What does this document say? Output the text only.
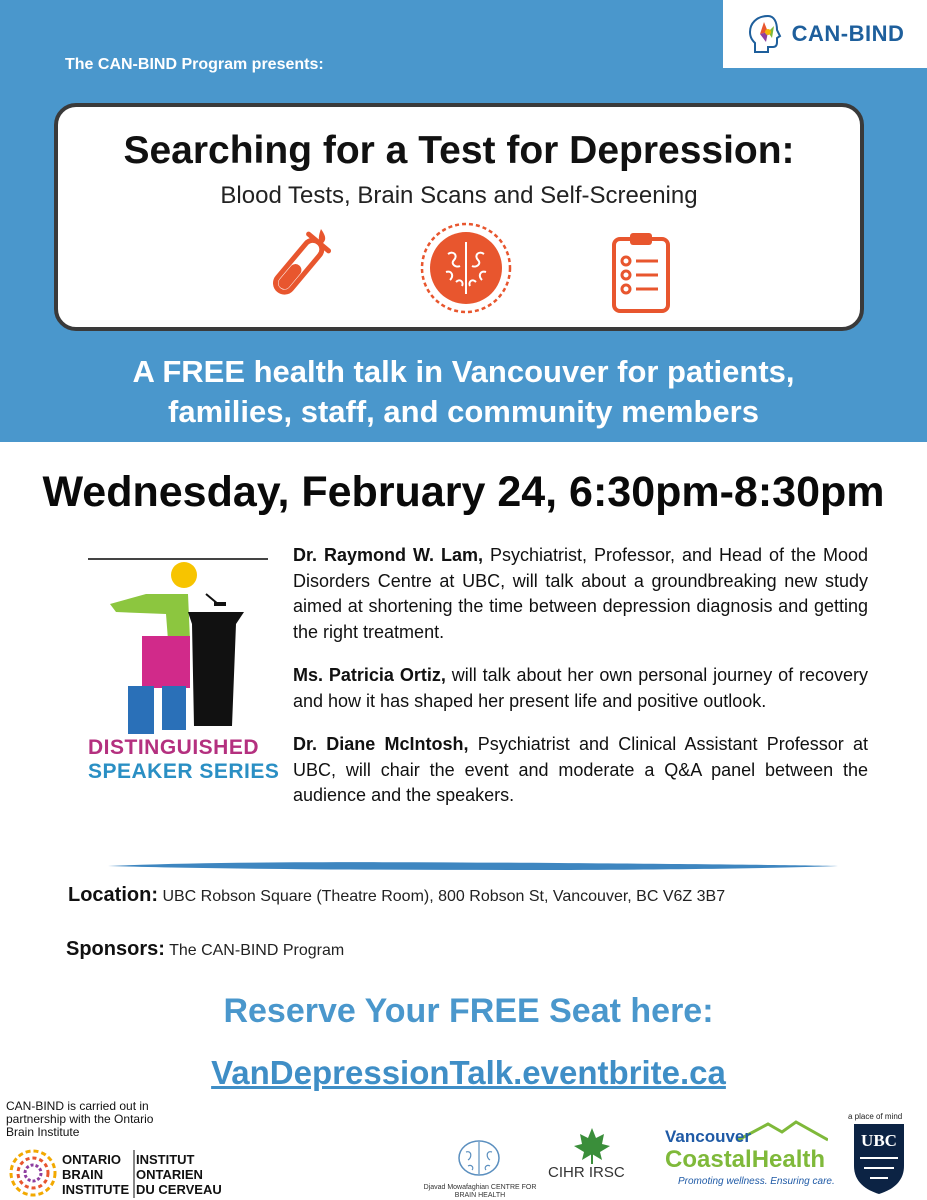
CAN-BIND
The CAN-BIND Program presents:
Searching for a Test for Depression:
Blood Tests, Brain Scans and Self-Screening
A FREE health talk in Vancouver for patients,
families, staff, and community members
Wednesday, February 24, 6:30pm-8:30pm
DISTINGUISHED
SPEAKER SERIES

Dr. Raymond W. Lam, Psychiatrist, Professor, and Head of the Mood Disorders Centre at UBC, will talk about a groundbreaking new study aimed at shortening the time between depression diagnosis and getting the right treatment.

Ms. Patricia Ortiz, will talk about her own personal journey of recovery and how it has shaped her present life and positive outlook.

Dr. Diane McIntosh, Psychiatrist and Clinical Assistant Professor at UBC, will chair the event and moderate a Q&A panel between the audience and the speakers.

Location: UBC Robson Square (Theatre Room), 800 Robson St, Vancouver, BC V6Z 3B7
Sponsors: The CAN-BIND Program
Reserve Your FREE Seat here:
VanDepressionTalk.eventbrite.ca
CAN-BIND is carried out in partnership with the Ontario Brain Institute
ONTARIO
BRAIN
INSTITUTE
INSTITUT
ONTARIEN
DU CERVEAU	Djavad Mowafaghian CENTRE FOR BRAIN HEALTH
CIHR IRSC
Vancouver
CoastalHealth
Promoting wellness. Ensuring care.
a place of mind
UBC
